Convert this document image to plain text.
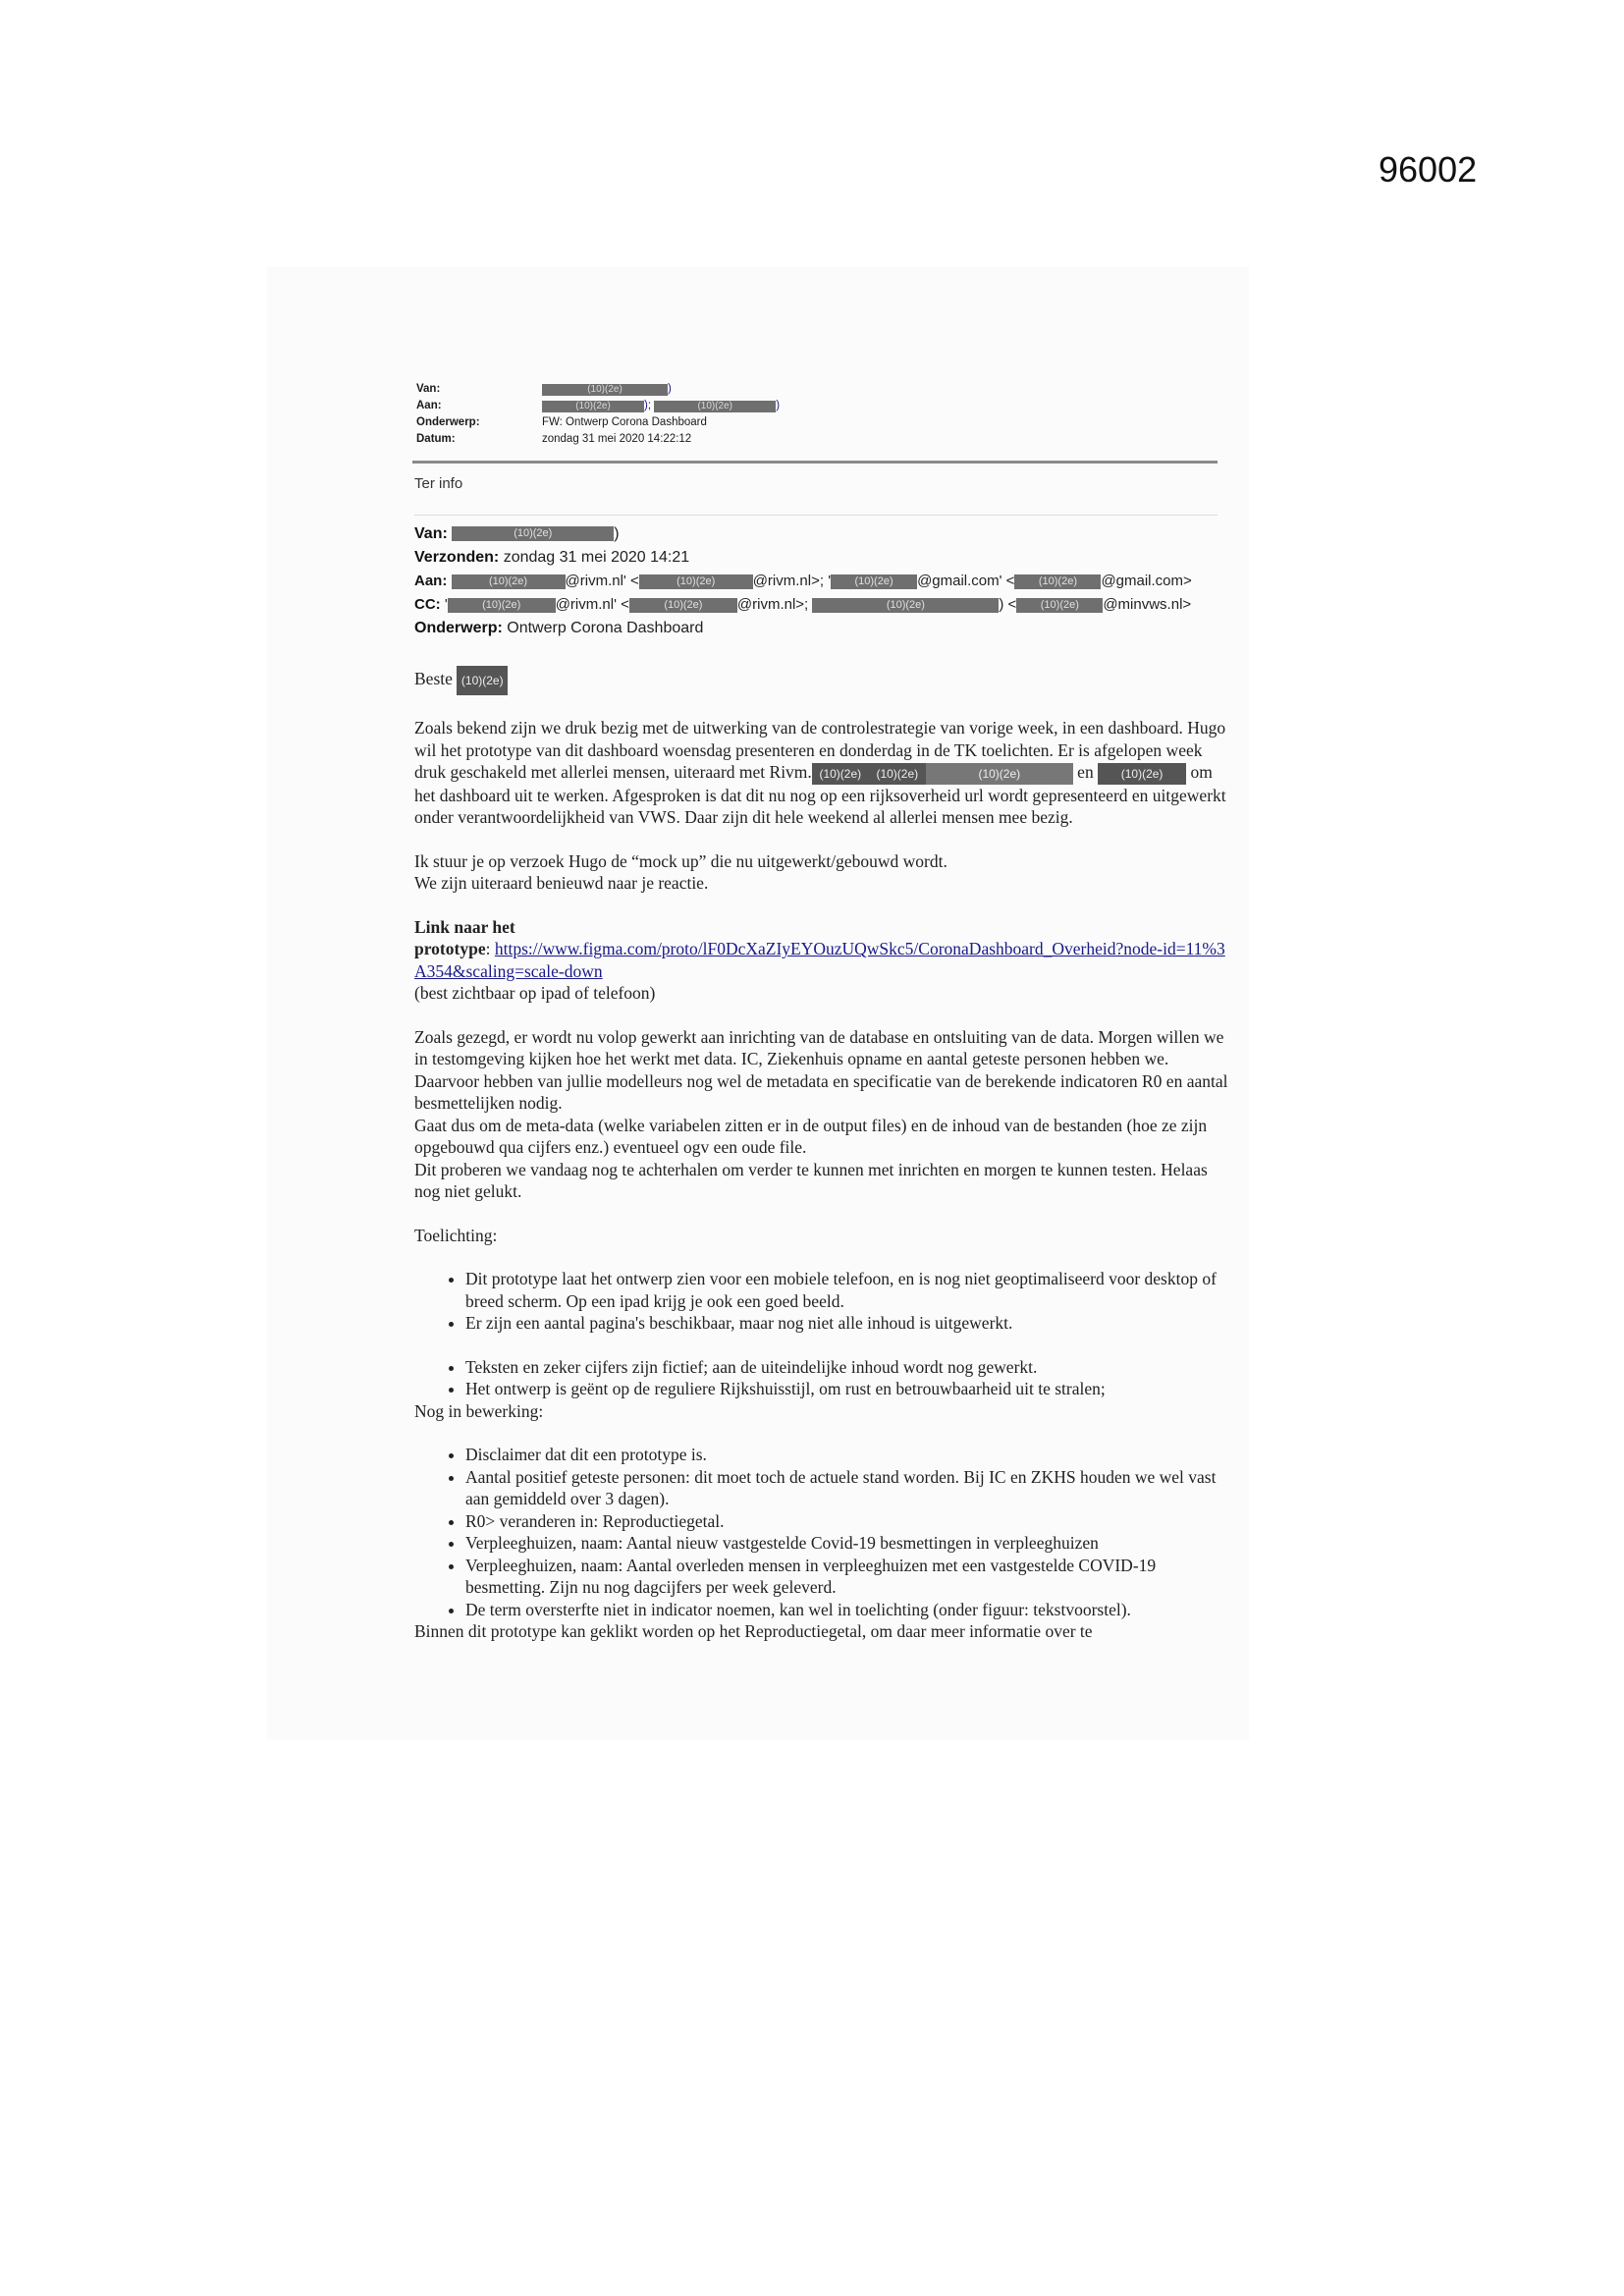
96002
Van:	(10)(2e)	)
Aan:	(10)(2e)	);	(10)(2e)	)
Onderwerp:	FW: Ontwerp Corona Dashboard
Datum:	zondag 31 mei 2020 14:22:12
Ter info
Van:	(10)(2e)	)
Verzonden: zondag 31 mei 2020 14:21
Aan:	(10)(2e)	@rivm.nl' <	(10)(2e)	@rivm.nl>; ' (10)(2e) @gmail.com' < (10)(2e) @gmail.com>
CC: '	(10)(2e) @rivm.nl' <	(10)(2e) @rivm.nl>;	(10)(2e)	) < (10)(2e) @minvws.nl>
Onderwerp: Ontwerp Corona Dashboard

Beste (10)(2e)

Zoals bekend zijn we druk bezig met de uitwerking van de controlestrategie van vorige week, in een dashboard. Hugo wil het prototype van dit dashboard woensdag presenteren en donderdag in de TK toelichten. Er is afgelopen week druk geschakeld met allerlei mensen, uiteraard met Rivm. (10)(2e) (10)(2e)	(10)(2e)	en (10)(2e) om het dashboard uit te werken. Afgesproken is dat dit nu nog op een rijksoverheid url wordt gepresenteerd en uitgewerkt onder verantwoordelijkheid van VWS. Daar zijn dit hele weekend al allerlei mensen mee bezig.

Ik stuur je op verzoek Hugo de “mock up” die nu uitgewerkt/gebouwd wordt.

We zijn uiteraard benieuwd naar je reactie.

Link naar het

prototype: https://www.figma.com/proto/lF0DcXaZIyEYOuzUQwSkc5/CoronaDashboard_Overheid?node-id=11%3A354&scaling=scale-down

(best zichtbaar op ipad of telefoon)

Zoals gezegd, er wordt nu volop gewerkt aan inrichting van de database en ontsluiting van de data. Morgen willen we in testomgeving kijken hoe het werkt met data. IC, Ziekenhuis opname en aantal geteste personen hebben we.

Daarvoor hebben van jullie modelleurs nog wel de metadata en specificatie van de berekende indicatoren R0 en aantal besmettelijken nodig.

Gaat dus om de meta-data (welke variabelen zitten er in de output files) en de inhoud van de bestanden (hoe ze zijn opgebouwd qua cijfers enz.) eventueel ogv een oude file.

Dit proberen we vandaag nog te achterhalen om verder te kunnen met inrichten en morgen te kunnen testen. Helaas nog niet gelukt.

Toelichting:

• Dit prototype laat het ontwerp zien voor een mobiele telefoon, en is nog niet geoptimaliseerd voor desktop of breed scherm. Op een ipad krijg je ook een goed beeld.
• Er zijn een aantal pagina's beschikbaar, maar nog niet alle inhoud is uitgewerkt.
• Teksten en zeker cijfers zijn fictief; aan de uiteindelijke inhoud wordt nog gewerkt.
• Het ontwerp is geënt op de reguliere Rijkshuisstijl, om rust en betrouwbaarheid uit te stralen;

Nog in bewerking:

• Disclaimer dat dit een prototype is.
• Aantal positief geteste personen: dit moet toch de actuele stand worden. Bij IC en ZKHS houden we wel vast aan gemiddeld over 3 dagen).
• R0> veranderen in: Reproductiegetal.
• Verpleeghuizen, naam: Aantal nieuw vastgestelde Covid-19 besmettingen in verpleeghuizen
• Verpleeghuizen, naam: Aantal overleden mensen in verpleeghuizen met een vastgestelde COVID-19 besmetting. Zijn nu nog dagcijfers per week geleverd.
• De term oversterfte niet in indicator noemen, kan wel in toelichting (onder figuur: tekstvoorstel).

Binnen dit prototype kan geklikt worden op het Reproductiegetal, om daar meer informatie over te
